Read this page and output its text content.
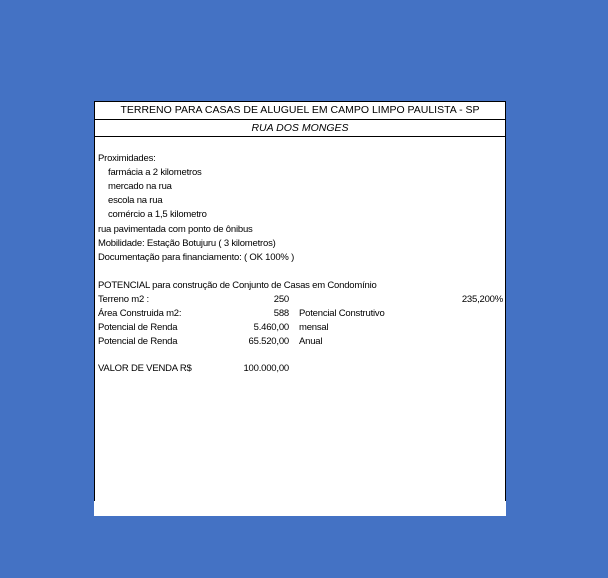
TERRENO PARA CASAS DE ALUGUEL EM CAMPO LIMPO PAULISTA - SP
RUA DOS MONGES
Proximidades:
farmácia a 2 kilometros
mercado na rua
escola na rua
comércio a 1,5 kilometro
rua pavimentada com ponto de ônibus
Mobilidade: Estação Botujuru ( 3 kilometros)
Documentação para financiamento: ( OK 100% )
POTENCIAL para construção de Conjunto de Casas em Condomínio
Terreno m2 :	250	235,200%
Área Construida m2:	588 Potencial Construtivo
Potencial de Renda	5.460,00 mensal
Potencial de Renda	65.520,00 Anual
VALOR DE VENDA R$	100.000,00
